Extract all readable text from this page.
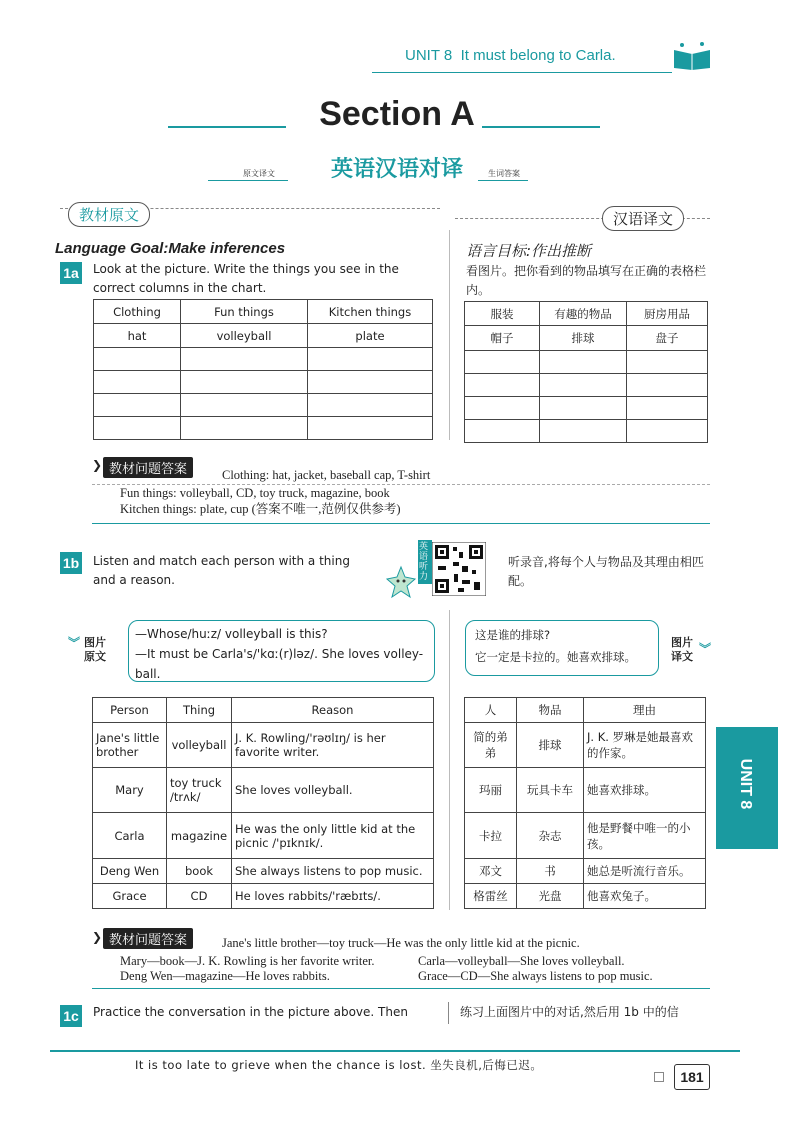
UNIT 8 It must belong to Carla.
Section A
英语汉语对译
原文译文	生词答案
教材原文	汉语译文
Language Goal:Make inferences	语言目标:作出推断
1a Look at the picture. Write the things you see in the correct columns in the chart.
看图片。把你看到的物品填写在正确的表格栏内。
Clothing	Fun things	Kitchen things
hat	volleyball	plate

服装	有趣的物品	厨房用品
帽子	排球	盘子

❯ 教材问题答案	Clothing: hat, jacket, baseball cap, T-shirt
Fun things: volleyball, CD, toy truck, magazine, book
Kitchen things: plate, cup (答案不唯一,范例仅供参考)
1b Listen and match each person with a thing and a reason.
听录音,将每个人与物品及其理由相匹配。
英语听力
︾ 图片原文
—Whose/huːz/ volleyball is this?
—It must be Carla's/'kɑː(r)ləz/. She loves volley-ball.
这是谁的排球?
它一定是卡拉的。她喜欢排球。
图片译文
︾
Person	Thing	Reason
Jane's little brother	volleyball	J. K. Rowling/'rəʊlɪŋ/ is her favorite writer.
Mary	toy truck /trʌk/	She loves volleyball.
Carla	magazine	He was the only little kid at the picnic /'pɪknɪk/.
Deng Wen	book	She always listens to pop music.
Grace	CD	He loves rabbits/'ræbɪts/.
人	物品	理由
简的弟弟	排球	J. K. 罗琳是她最喜欢的作家。
玛丽	玩具卡车	她喜欢排球。
卡拉	杂志	他是野餐中唯一的小孩。
邓文	书	她总是听流行音乐。
格雷丝	光盘	他喜欢兔子。
❯ 教材问题答案	Jane's little brother—toy truck—He was the only little kid at the picnic.
Mary—book—J. K. Rowling is her favorite writer.	Carla—volleyball—She loves volleyball.
Deng Wen—magazine—He loves rabbits.	Grace—CD—She always listens to pop music.
1c Practice the conversation in the picture above. Then	练习上面图片中的对话,然后用 1b 中的信
UNIT 8
It is too late to grieve when the chance is lost. 坐失良机,后悔已迟。
181
